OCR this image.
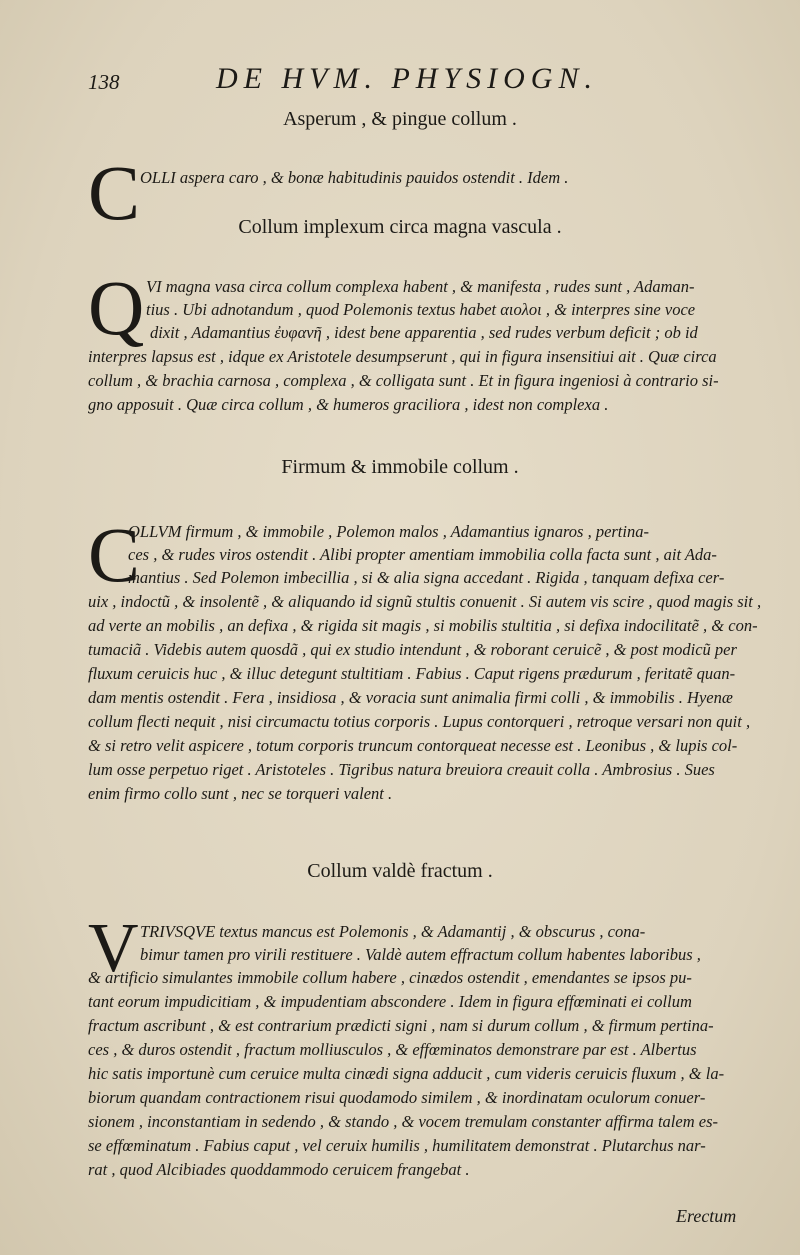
138	DE HVM. PHYSIOGN.
Asperum , & pingue collum .
C OLLI aspera caro , & bonæ habitudinis pauidos ostendit . Idem .
Collum implexum circa magna vascula .
Q VI magna vasa circa collum complexa habent , & manifesta , rudes sunt , Adaman-
tius . Ubi adnotandum , quod Polemonis textus habet αιολοι , & interpres sine voce
dixit , Adamantius ἐυφανῆ , idest bene apparentia , sed rudes verbum deficit ; ob id
interpres lapsus est , idque ex Aristotele desumpserunt , qui in figura insensitiui ait . Quæ circa
collum , & brachia carnosa , complexa , & colligata sunt . Et in figura ingeniosi à contrario si-
gno apposuit . Quæ circa collum , & humeros graciliora , idest non complexa .
Firmum & immobile collum .
C
OLLVM firmum , & immobile , Polemon malos , Adamantius ignaros , pertina-
ces , & rudes viros ostendit . Alibi propter amentiam immobilia colla facta sunt , ait Ada-
mantius . Sed Polemon imbecillia , si & alia signa accedant . Rigida , tanquam defixa cer-
uix , indoctũ , & insolentẽ , & aliquando id signũ stultis conuenit . Si autem vis scire , quod magis sit ,
ad verte an mobilis , an defixa , & rigida sit magis , si mobilis stultitia , si defixa indocilitatẽ , & con-
tumaciã . Videbis autem quosdã , qui ex studio intendunt , & roborant ceruicẽ , & post modicũ per
fluxum ceruicis huc , & illuc detegunt stultitiam . Fabius . Caput rigens prædurum , feritatẽ quan-
dam mentis ostendit . Fera , insidiosa , & voracia sunt animalia firmi colli , & immobilis . Hyenæ
collum flecti nequit , nisi circumactu totius corporis . Lupus contorqueri , retroque versari non quit ,
& si retro velit aspicere , totum corporis truncum contorqueat necesse est . Leonibus , & lupis col-
lum osse perpetuo riget . Aristoteles . Tigribus natura breuiora creauit colla . Ambrosius . Sues
enim firmo collo sunt , nec se torqueri valent .
Collum valdè fractum .
V TRIVSQVE textus mancus est Polemonis , & Adamantij , & obscurus , cona-
bimur tamen pro virili restituere . Valdè autem effractum collum habentes laboribus ,
& artificio simulantes immobile collum habere , cinædos ostendit , emendantes se ipsos pu-
tant eorum impudicitiam , & impudentiam abscondere . Idem in figura effœminati ei collum
fractum ascribunt , & est contrarium prædicti signi , nam si durum collum , & firmum pertina-
ces , & duros ostendit , fractum molliusculos , & effœminatos demonstrare par est . Albertus
hic satis importunè cum ceruice multa cinædi signa adducit , cum videris ceruicis fluxum , & la-
biorum quandam contractionem risui quodamodo similem , & inordinatam oculorum conuer-
sionem , inconstantiam in sedendo , & stando , & vocem tremulam constanter affirma talem es-
se effœminatum . Fabius caput , vel ceruix humilis , humilitatem demonstrat . Plutarchus nar-
rat , quod Alcibiades quoddammodo ceruicem frangebat .
Erectum
